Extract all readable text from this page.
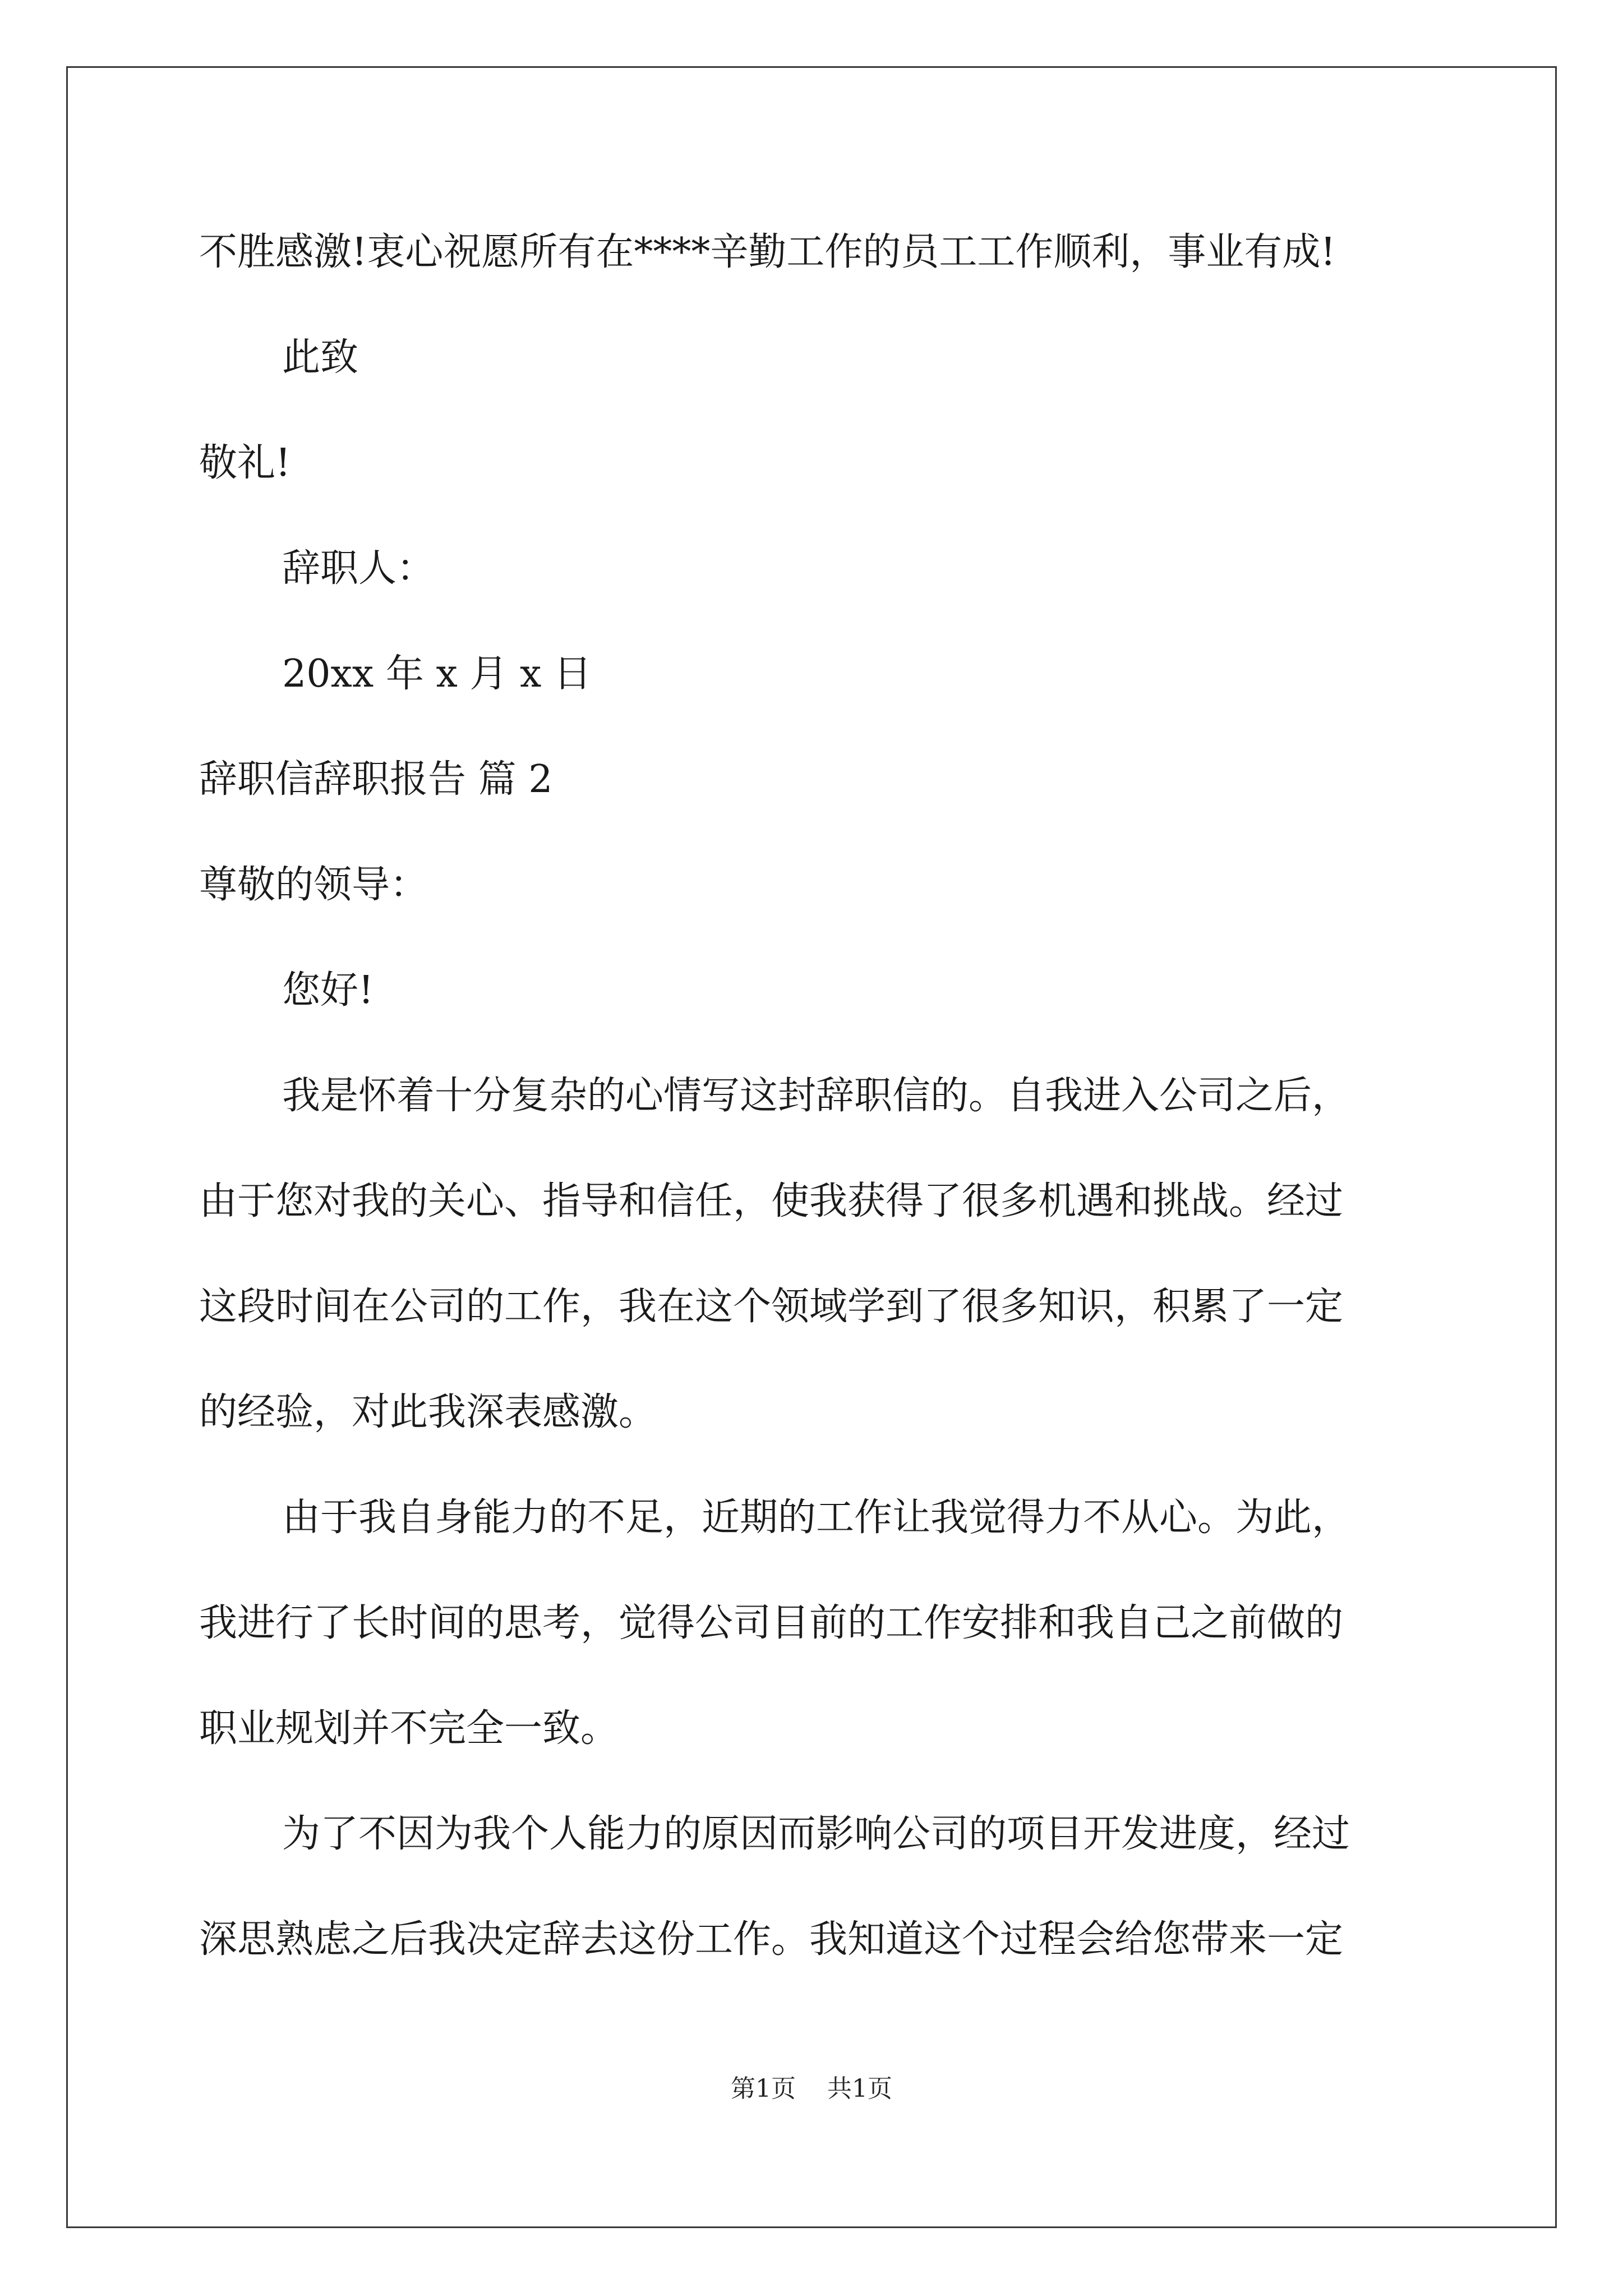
不胜感激!衷心祝愿所有在****辛勤工作的员工工作顺利，事业有成!

此致

敬礼!

辞职人：

20xx 年 x 月 x 日

辞职信辞职报告 篇 2

尊敬的领导：

您好!

我是怀着十分复杂的心情写这封辞职信的。自我进入公司之后，

由于您对我的关心、指导和信任，使我获得了很多机遇和挑战。经过

这段时间在公司的工作，我在这个领域学到了很多知识，积累了一定

的经验，对此我深表感激。

由于我自身能力的不足，近期的工作让我觉得力不从心。为此，

我进行了长时间的思考，觉得公司目前的工作安排和我自己之前做的

职业规划并不完全一致。

为了不因为我个人能力的原因而影响公司的项目开发进度，经过

深思熟虑之后我决定辞去这份工作。我知道这个过程会给您带来一定

第1页    共1页
